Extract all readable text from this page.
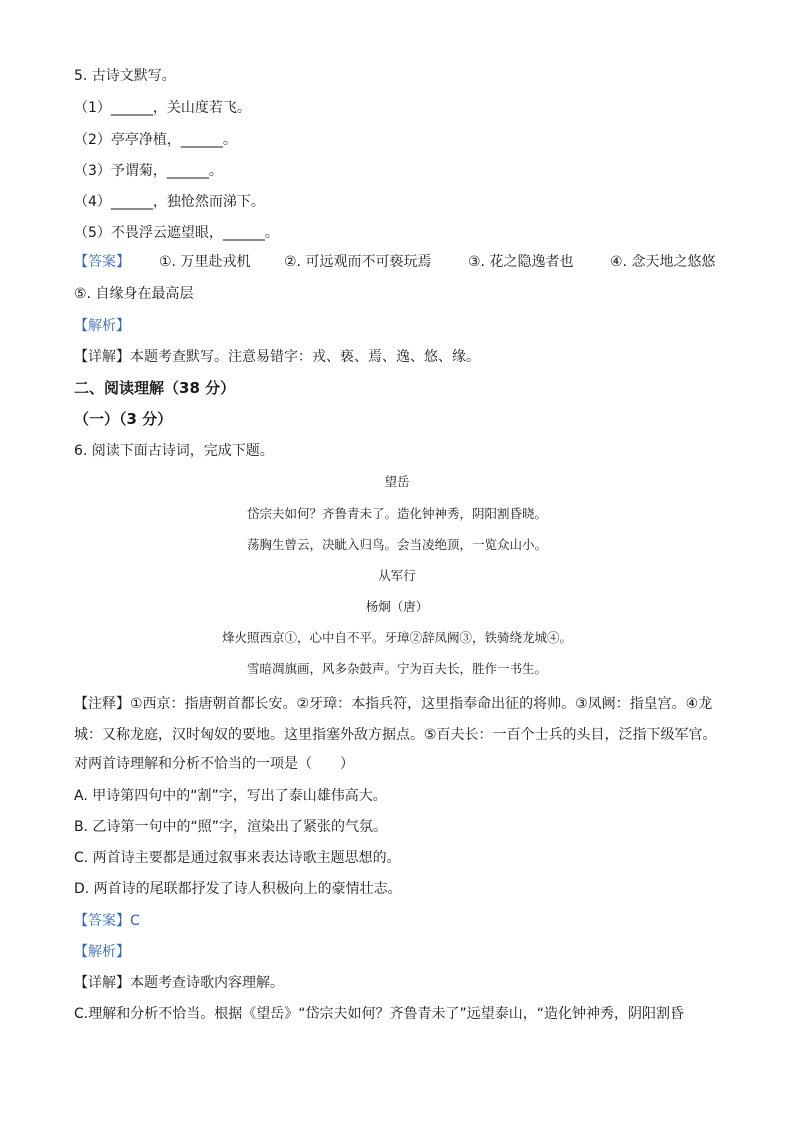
5. 古诗文默写。
（1）______，关山度若飞。
（2）亭亭净植，______。
（3）予谓菊，______。
（4）______，独怆然而涕下。
（5）不畏浮云遮望眼，______。
【答案】 ①. 万里赴戎机 ②. 可远观而不可亵玩焉	③. 花之隐逸者也	④. 念天地之悠悠
⑤. 自缘身在最高层
【解析】
【详解】本题考查默写。注意易错字：戎、亵、焉、逸、悠、缘。
二、阅读理解（38 分）
（一）（3 分）
6. 阅读下面古诗词，完成下题。
望岳
岱宗夫如何？齐鲁青未了。造化钟神秀，阴阳割昏晓。
荡胸生曾云，决眦入归鸟。会当凌绝顶，一览众山小。
从军行
杨炯（唐）
烽火照西京①，心中自不平。牙璋②辞凤阙③，铁骑绕龙城④。
雪暗凋旗画，风多杂鼓声。宁为百夫长，胜作一书生。
【注释】①西京：指唐朝首都长安。②牙璋：本指兵符，这里指奉命出征的将帅。③凤阙：指皇宫。④龙
城：又称龙庭，汉时匈奴的要地。这里指塞外敌方据点。⑤百夫长：一百个士兵的头目，泛指下级军官。
对两首诗理解和分析不恰当的一项是（　　）
A. 甲诗第四句中的“割”字，写出了泰山雄伟高大。
B. 乙诗第一句中的“照”字，渲染出了紧张的气氛。
C. 两首诗主要都是通过叙事来表达诗歌主题思想的。
D. 两首诗的尾联都抒发了诗人积极向上的豪情壮志。
【答案】C
【解析】
【详解】本题考查诗歌内容理解。
C.理解和分析不恰当。根据《望岳》“岱宗夫如何？齐鲁青未了”远望泰山，“造化钟神秀，阴阳割昏
